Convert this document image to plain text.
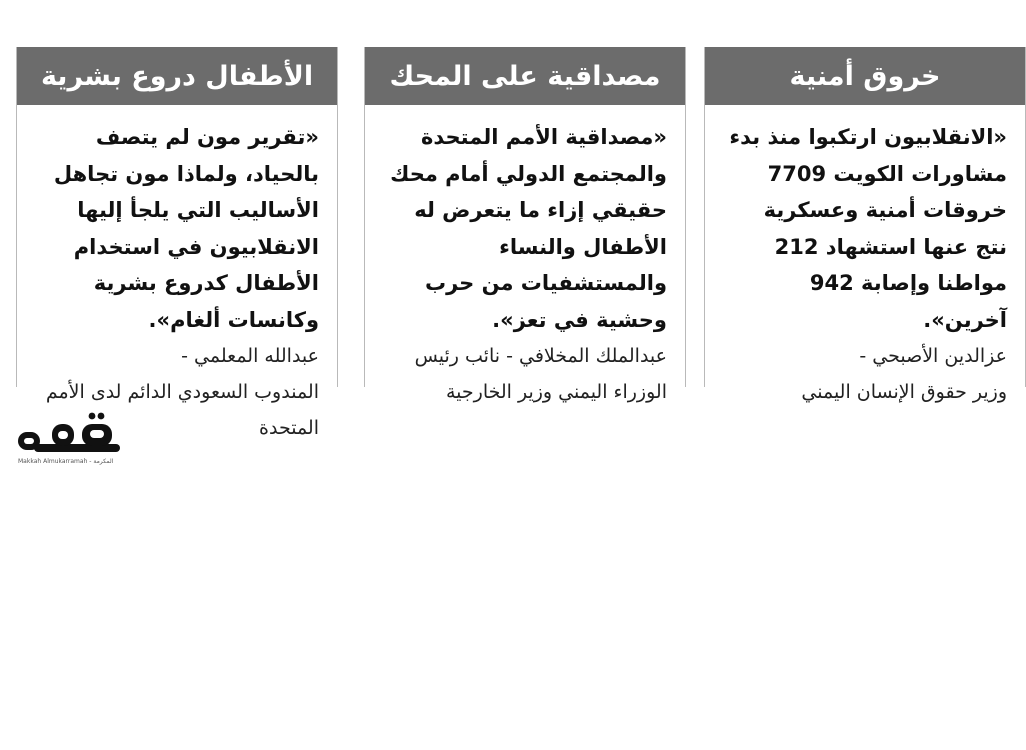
خروق أمنية

«الانقلابيون ارتكبوا منذ بدء مشاورات الكويت 7709 خروقات أمنية وعسكرية نتج عنها استشهاد 212 مواطنا وإصابة 942 آخرين».

عزالدين الأصبحي -
وزير حقوق الإنسان اليمني

مصداقية على المحك

«مصداقية الأمم المتحدة والمجتمع الدولي أمام محك حقيقي إزاء ما يتعرض له الأطفال والنساء والمستشفيات من حرب وحشية في تعز».

عبدالملك المخلافي - نائب رئيس
الوزراء اليمني وزير الخارجية

الأطفال دروع بشرية

«تقرير مون لم يتصف بالحياد، ولماذا مون تجاهل الأساليب التي يلجأ إليها الانقلابيون في استخدام الأطفال كدروع بشرية وكانسات ألغام».

عبدالله المعلمي -
المندوب السعودي الدائم لدى الأمم المتحدة

Makkah Almukarramah - المكرمة
